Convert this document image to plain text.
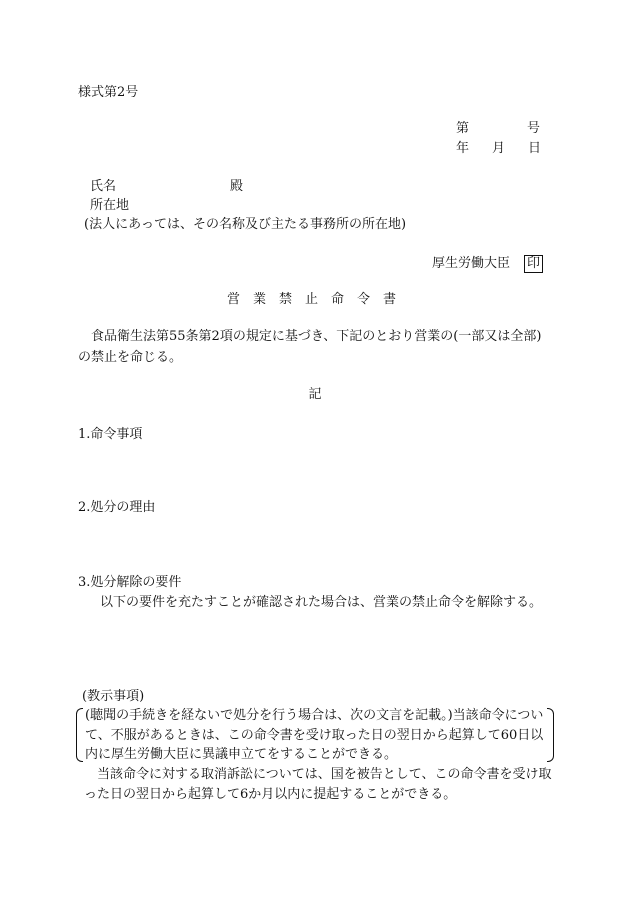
様式第2号
第	号
年 月 日
氏名	殿
所在地
(法人にあっては、その名称及び主たる事務所の所在地)
厚生労働大臣 印
営業禁止命令書
食品衛生法第55条第2項の規定に基づき、下記のとおり営業の(一部又は全部)の禁止を命じる。
記
1.命令事項
2.処分の理由
3.処分解除の要件
以下の要件を充たすことが確認された場合は、営業の禁止命令を解除する。
(教示事項)
(聴聞の手続きを経ないで処分を行う場合は、次の文言を記載。)当該命令について、不服があるときは、この命令書を受け取った日の翌日から起算して60日以内に厚生労働大臣に異議申立てをすることができる。
当該命令に対する取消訴訟については、国を被告として、この命令書を受け取った日の翌日から起算して6か月以内に提起することができる。
